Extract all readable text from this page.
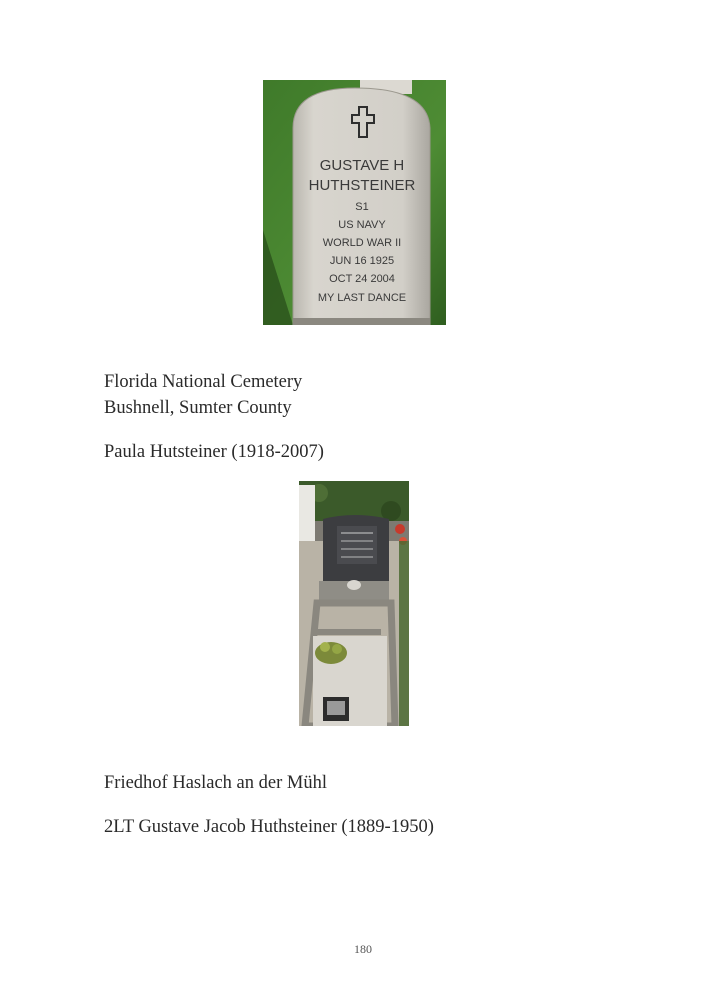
GUSTAVE H
HUTHSTEINER
S1
US NAVY
WORLD WAR II
JUN 16 1925
OCT 24 2004
MY LAST DANCE
Florida National Cemetery
Bushnell, Sumter County
Paula Hutsteiner (1918-2007)
Friedhof Haslach an der Mühl
2LT Gustave Jacob Huthsteiner (1889-1950)
180
